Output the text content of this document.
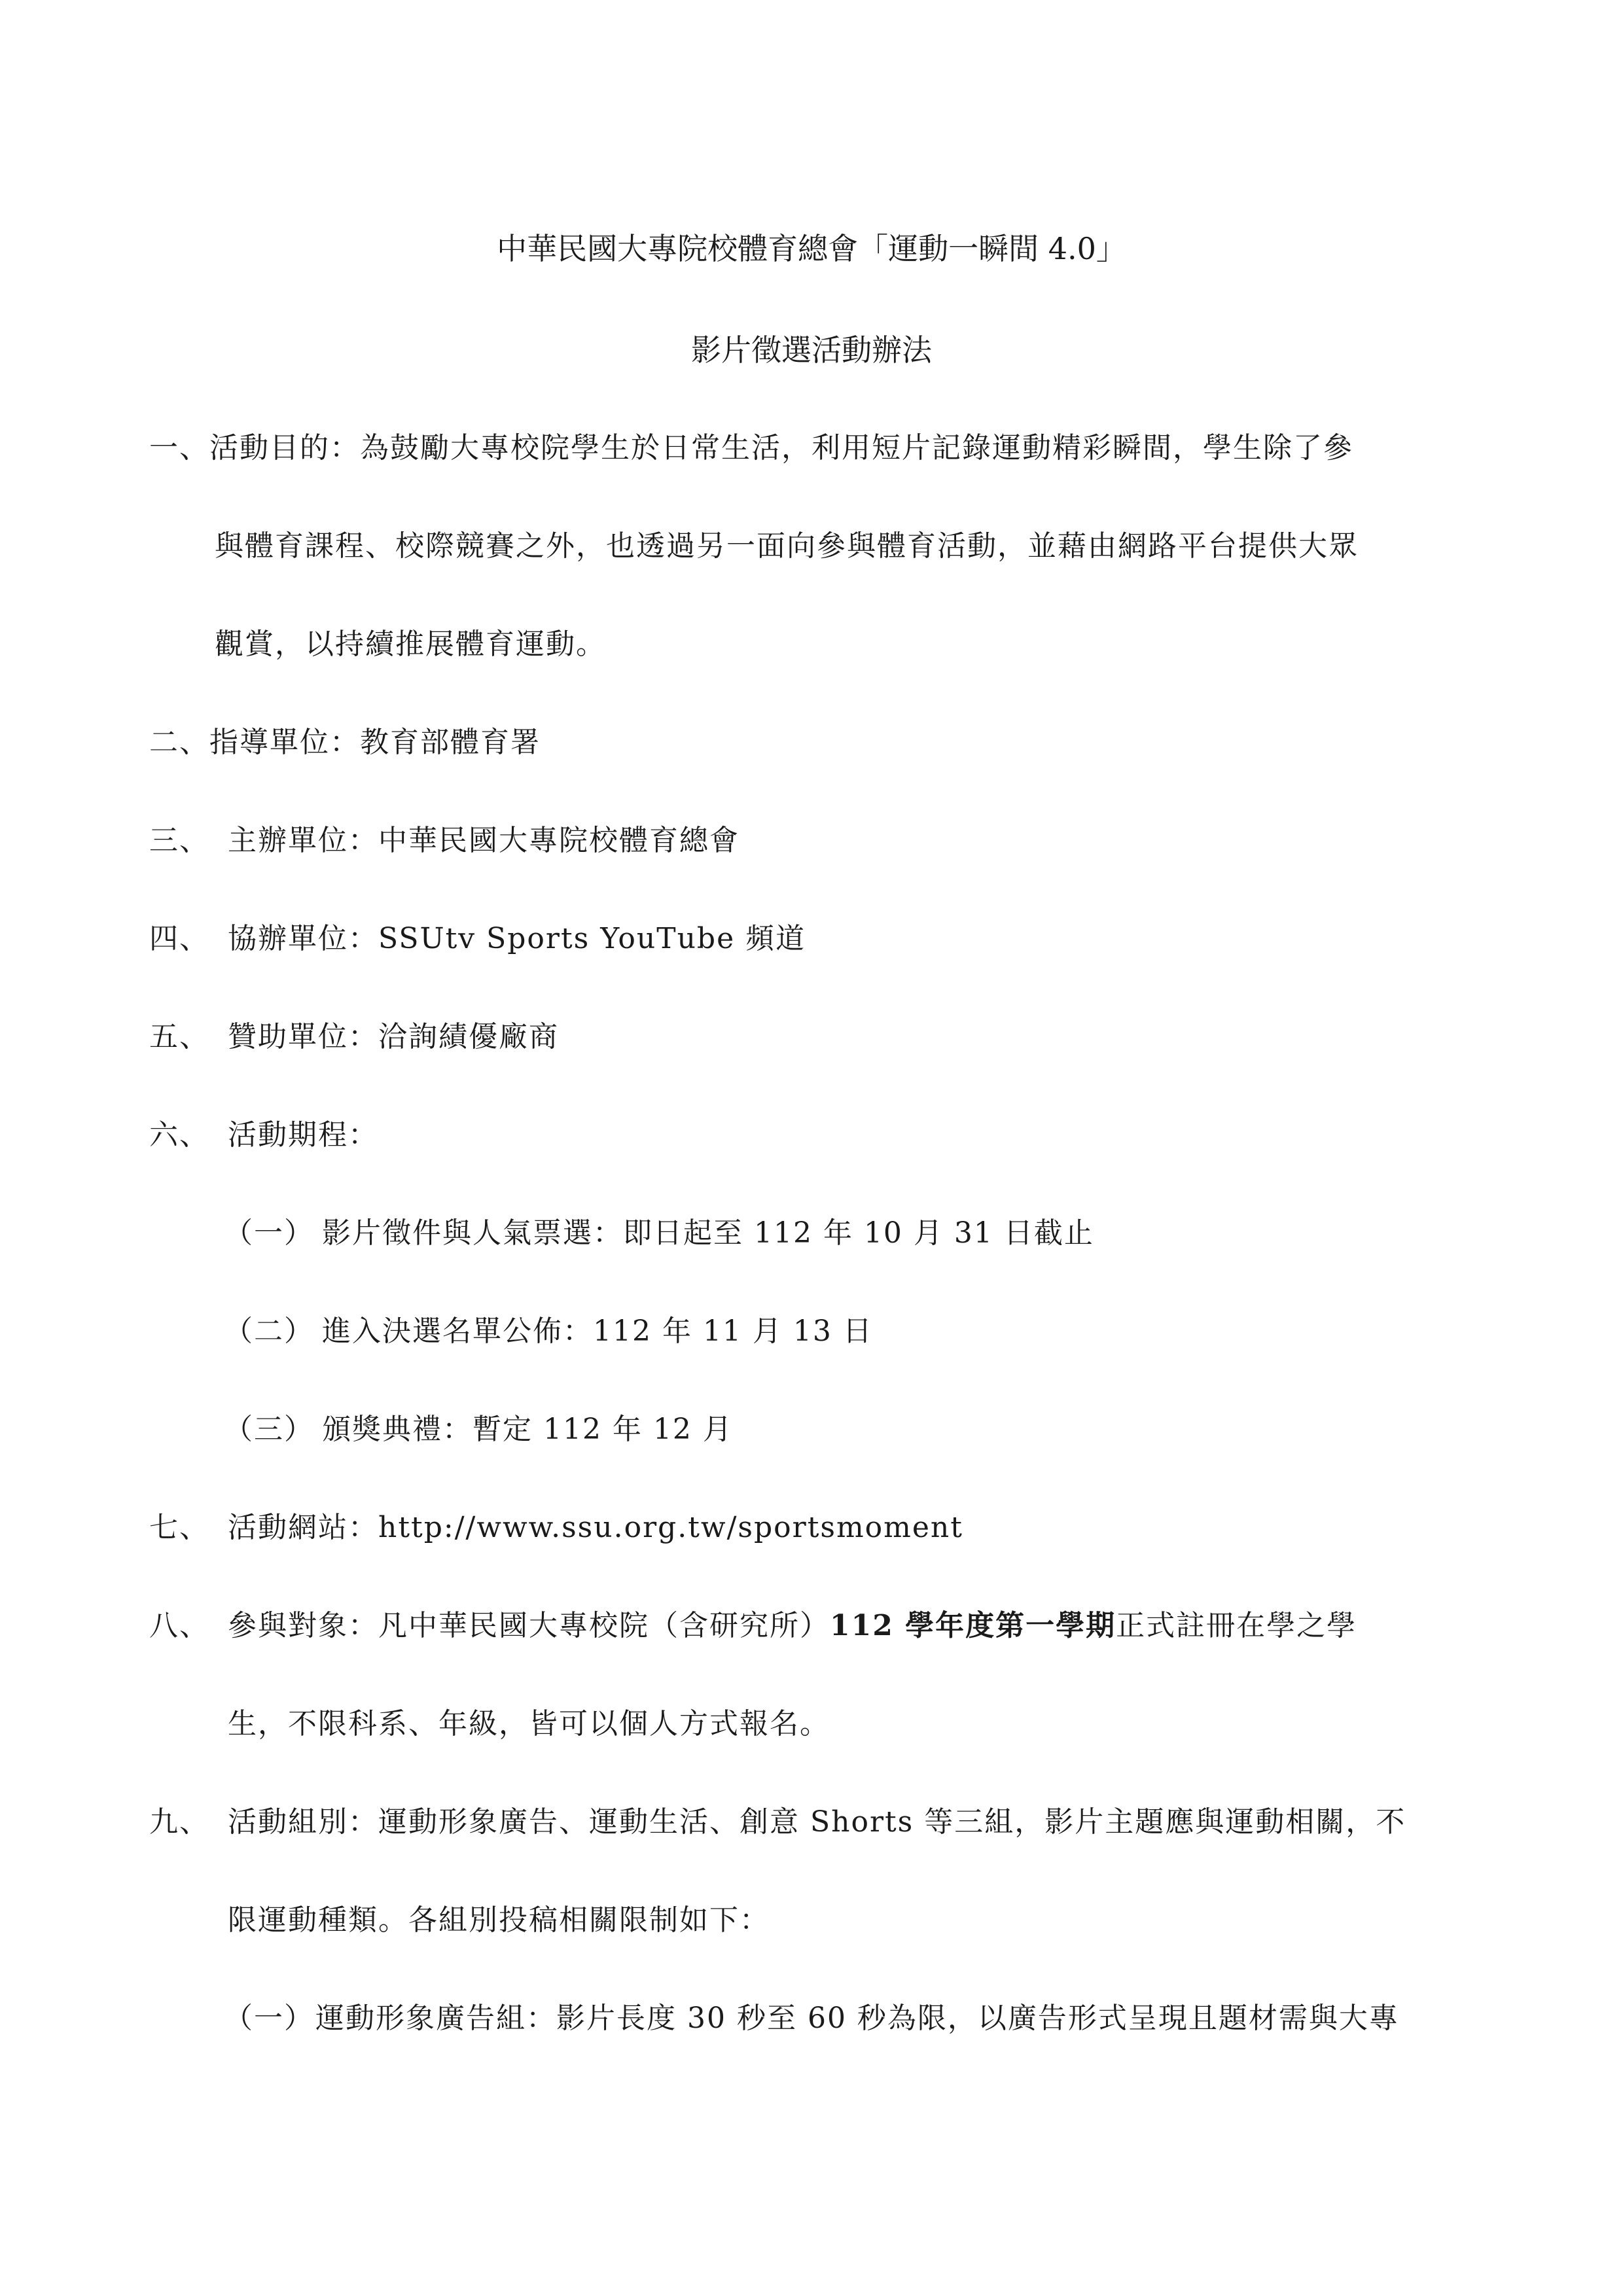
中華民國大專院校體育總會「運動一瞬間 4.0」
影片徵選活動辦法
一、活動目的：為鼓勵大專校院學生於日常生活，利用短片記錄運動精彩瞬間，學生除了參
與體育課程、校際競賽之外，也透過另一面向參與體育活動，並藉由網路平台提供大眾
觀賞，以持續推展體育運動。
二、指導單位：教育部體育署
三、 主辦單位：中華民國大專院校體育總會
四、 協辦單位：SSUtv Sports YouTube 頻道
五、 贊助單位：洽詢績優廠商
六、 活動期程：
（一） 影片徵件與人氣票選：即日起至 112 年 10 月 31 日截止
（二） 進入決選名單公佈：112 年 11 月 13 日
（三） 頒獎典禮：暫定 112 年 12 月
七、 活動網站：http://www.ssu.org.tw/sportsmoment
八、 參與對象：凡中華民國大專校院（含研究所）112 學年度第一學期正式註冊在學之學
生，不限科系、年級，皆可以個人方式報名。
九、 活動組別：運動形象廣告、運動生活、創意 Shorts 等三組，影片主題應與運動相關，不
限運動種類。各組別投稿相關限制如下：
（一）運動形象廣告組：影片長度 30 秒至 60 秒為限，以廣告形式呈現且題材需與大專
